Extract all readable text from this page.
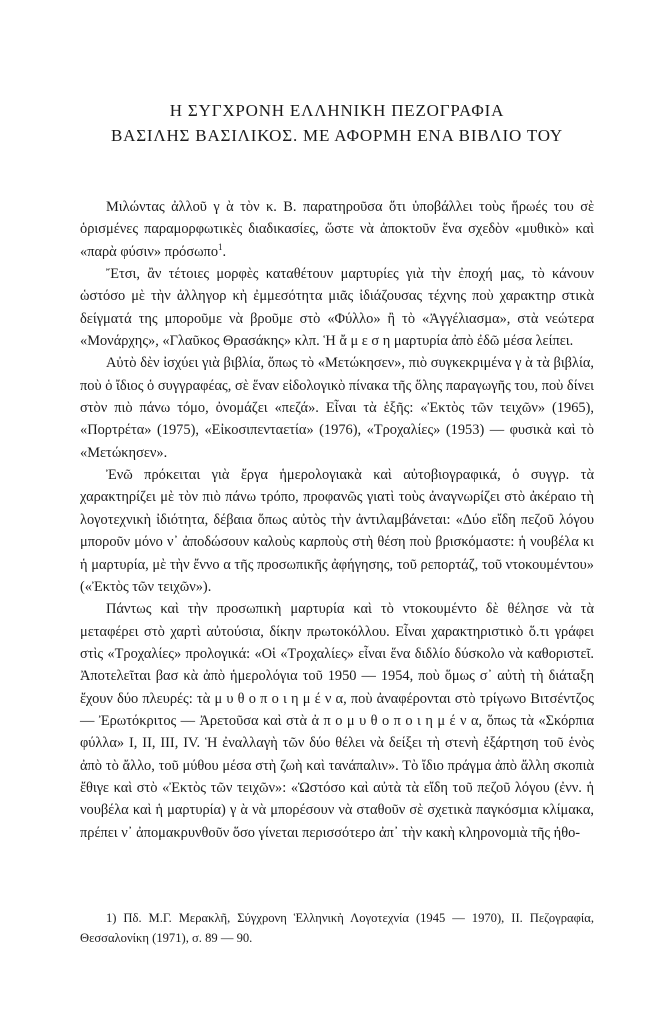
Η ΣΥΓΧΡΟΝΗ ΕΛΛΗΝΙΚΗ ΠΕΖΟΓΡΑΦΙΑ
ΒΑΣΙΛΗΣ ΒΑΣΙΛΙΚΟΣ. ΜΕ ΑΦΟΡΜΗ ΕΝΑ ΒΙΒΛΙΟ ΤΟΥ

Μιλώντας ἀλλοῦ γ ὰ τὸν κ. Β. παρατηροῦσα ὅτι ὑποβάλλει τοὺς ἥρωές του σὲ ὁρισμένες παραμορφωτικὲς διαδικασίες, ὥστε νὰ ἀποκτοῦν ἕνα σχεδὸν «μυθικὸ» καὶ «παρὰ φύσιν» πρόσωπο$^1$.

Ἔτσι, ἂν τέτοιες μορφὲς καταθέτουν μαρτυρίες γιὰ τὴν ἐποχή μας, τὸ κάνουν ὡστόσο μὲ τὴν ἀλληγορ κὴ ἐμμεσότητα μιᾶς ἰδιάζουσας τέχνης ποὺ χαρακτηρ στικὰ δείγματά της μποροῦμε νὰ βροῦμε στὸ «Φύλλο» ἢ τὸ «Ἀγγέλιασμα», στὰ νεώτερα «Μονάρχης», «Γλαῦκος Θρασάκης» κλπ. Ἡ ἄ μ ε σ η μαρτυρία ἀπὸ ἐδῶ μέσα λείπει.

Αὐτὸ δὲν ἰσχύει γιὰ βιβλία, ὅπως τὸ «Μετώκησεν», πιὸ συγκεκριμένα γ ὰ τὰ βιβλία, ποὺ ὁ ἴδιος ὁ συγγραφέας, σὲ ἕναν εἰδολογικὸ πίνακα τῆς ὅλης παραγωγῆς του, ποὺ δίνει στὸν πιὸ πάνω τόμο, ὀνομάζει «πεζά». Εἶναι τὰ ἑξῆς: «Ἐκτὸς τῶν τειχῶν» (1965), «Πορτρέτα» (1975), «Εἰκοσιπενταετία» (1976), «Τροχαλίες» (1953) — φυσικὰ καὶ τὸ «Μετώκησεν».

Ἐνῶ πρόκειται γιὰ ἔργα ἡμερολογιακὰ καὶ αὐτοβιογραφικά, ὁ συγγρ. τὰ χαρακτηρίζει μὲ τὸν πιὸ πάνω τρόπο, προφανῶς γιατὶ τοὺς ἀναγνωρίζει στὸ ἀκέραιο τὴ λογοτεχνικὴ ἰδιότητα, δέβαια ὅπως αὐτὸς τὴν ἀντιλαμβάνεται: «Δύο εἴδη πεζοῦ λόγου μποροῦν μόνο ν᾽ ἀποδώσουν καλοὺς καρποὺς στὴ θέση ποὺ βρισκόμαστε: ἡ νουβέλα κι ἡ μαρτυρία, μὲ τὴν ἔννο α τῆς προσωπικῆς ἀφήγησης, τοῦ ρεπορτάζ, τοῦ ντοκουμέντου» («Ἐκτὸς τῶν τειχῶν»).

Πάντως καὶ τὴν προσωπικὴ μαρτυρία καὶ τὸ ντοκουμέντο δὲ θέλησε νὰ τὰ μεταφέρει στὸ χαρτὶ αὐτούσια, δίκην πρωτοκόλλου. Εἶναι χαρακτηριστικὸ ὅ.τι γράφει στὶς «Τροχαλίες» προλογικά: «Οἱ «Τροχαλίες» εἶναι ἕνα διδλίο δύσκολο νὰ καθοριστεῖ. Ἀποτελεῖται βασ κὰ ἀπὸ ἡμερολόγια τοῦ 1950 — 1954, ποὺ ὅμως σ᾽ αὐτὴ τὴ διάταξη ἔχουν δύο πλευρές: τὰ μ υ θ ο π ο ι η μ έ ν α, ποὺ ἀναφέρονται στὸ τρίγωνο Βιτσέντζος — Ἐρωτόκριτος — Ἀρετοῦσα καὶ στὰ ἀ π ο μ υ θ ο π ο ι η μ έ ν α, ὅπως τὰ «Σκόρπια φύλλα» I, II, III, IV. Ἡ ἐναλλαγὴ τῶν δύο θέλει νὰ δείξει τὴ στενὴ ἐξάρτηση τοῦ ἑνὸς ἀπὸ τὸ ἄλλο, τοῦ μύθου μέσα στὴ ζωὴ καὶ τανάπαλιν». Τὸ ἴδιο πράγμα ἀπὸ ἄλλη σκοπιὰ ἔθιγε καὶ στὸ «Ἐκτὸς τῶν τειχῶν»: «Ὡστόσο καὶ αὐτὰ τὰ εἴδη τοῦ πεζοῦ λόγου (ἐνν. ἡ νουβέλα καὶ ἡ μαρτυρία) γ ὰ νὰ μπορέσουν νὰ σταθοῦν σὲ σχετικὰ παγκόσμια κλίμακα, πρέπει ν᾽ ἀπομακρυνθοῦν ὅσο γίνεται περισσότερο ἀπ᾽ τὴν κακὴ κληρονομιὰ τῆς ἠθο-

1) Πδ. Μ.Γ. Μερακλῆ, Σύγχρονη Ἑλληνικὴ Λογοτεχνία (1945 — 1970), II. Πεζογραφία, Θεσσαλονίκη (1971), σ. 89 — 90.
